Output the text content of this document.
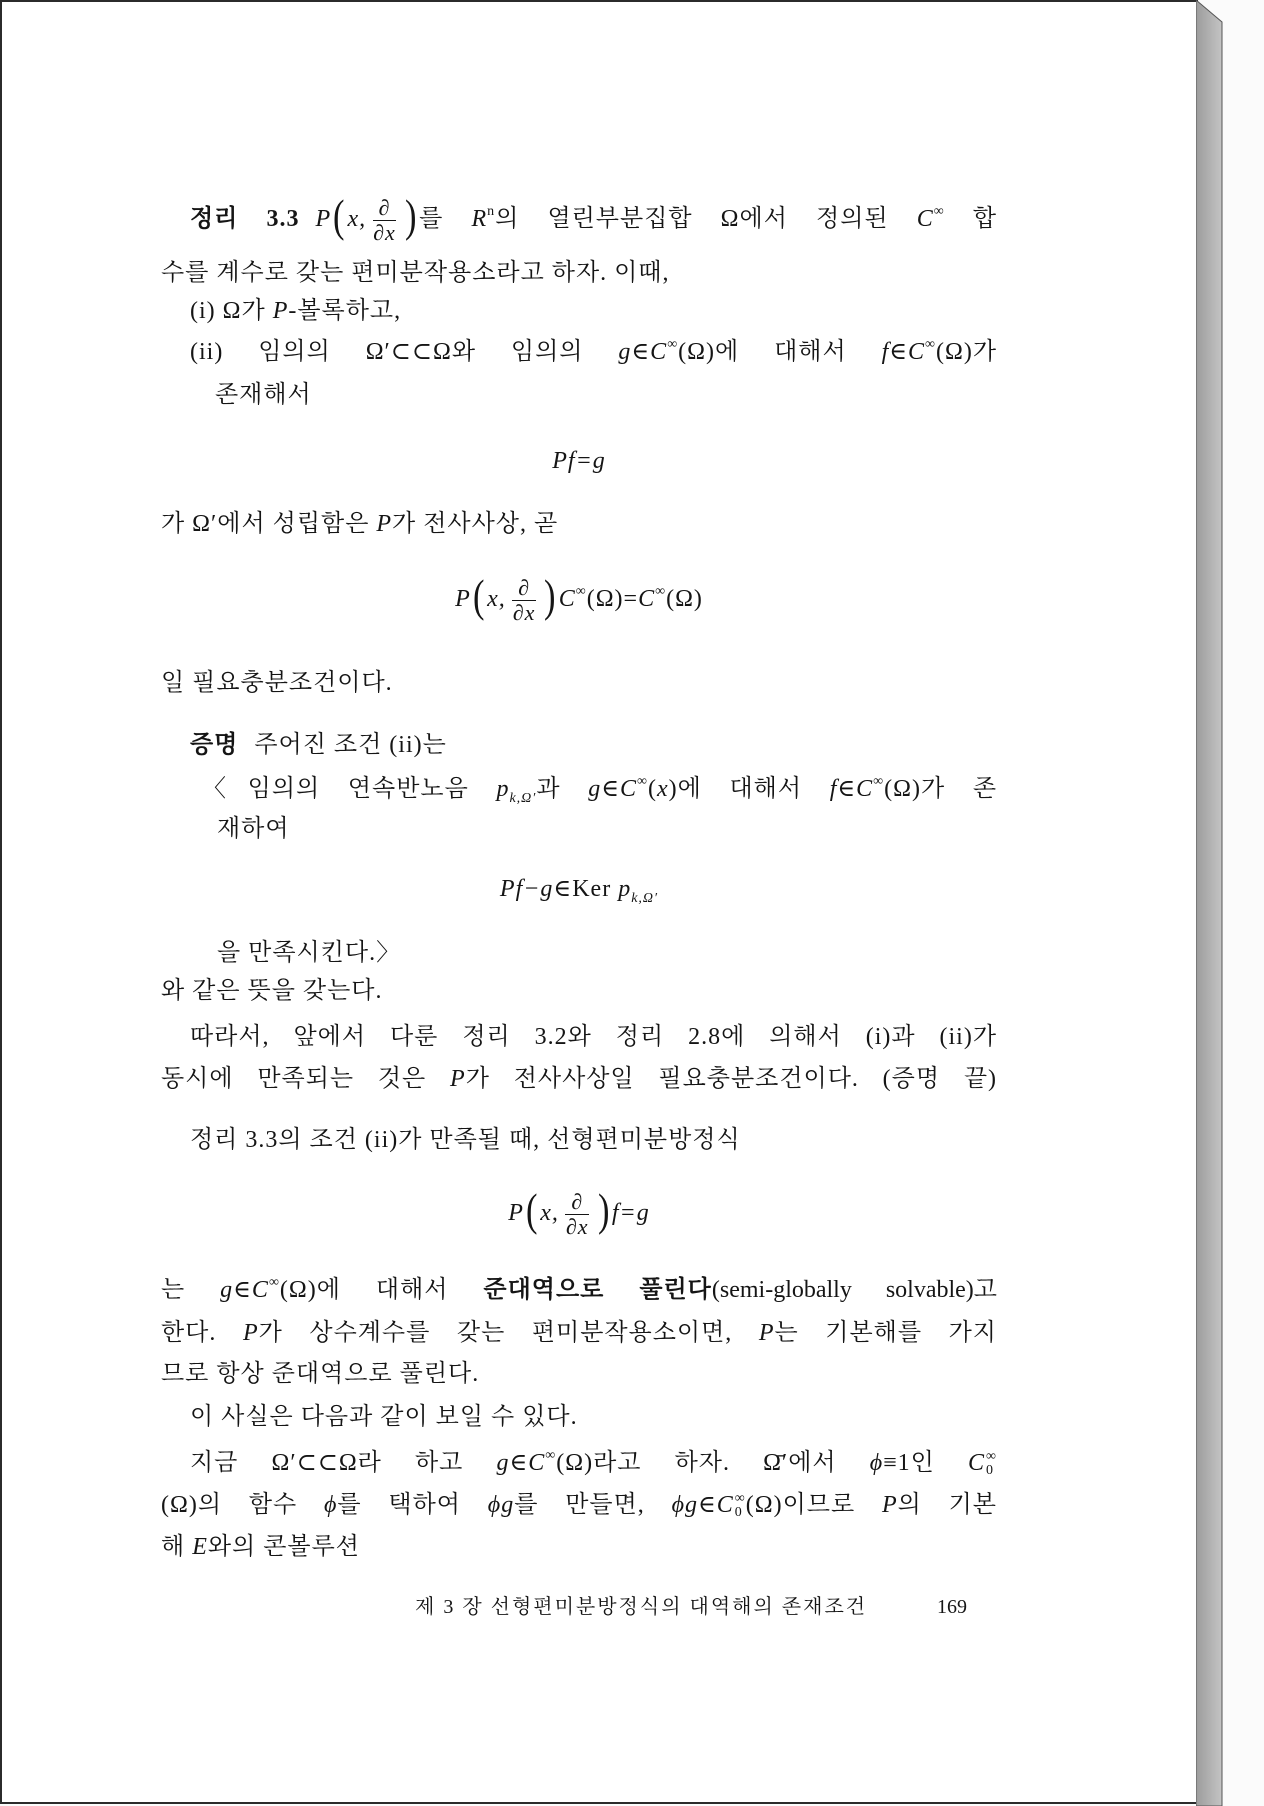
정리 3.3 P(x, $\frac{\partial}{\partial x}$ )를 $R^n$의 열린부분집합 Ω에서 정의된 C∞ 합
수를 계수로 갖는 편미분작용소라고 하자. 이때,
(i) Ω가 P-볼록하고,
(ii) 임의의 Ω′⊂⊂Ω와 임의의 g∈C∞(Ω)에 대해서 f∈C∞(Ω)가
존재해서
Pf=g
가 Ω′에서 성립함은 P가 전사사상, 곧
P(x, $\frac{\partial}{\partial x} )C^\infty(\Omega)=C^\infty(\Omega)$
일 필요충분조건이다.
증명 주어진 조건 (ii)는
〈임의의 연속반노음 $p_{k,\Omega'}$과 g∈C∞(x)에 대해서 f∈C∞(Ω)가 존
재하여
Pf−g∈Ker $p_{k,\Omega'}$
을 만족시킨다.〉
와 같은 뜻을 갖는다.
따라서, 앞에서 다룬 정리 3.2와 정리 2.8에 의해서 (i)과 (ii)가
동시에 만족되는 것은 P가 전사사상일 필요충분조건이다. (증명 끝)
정리 3.3의 조건 (ii)가 만족될 때, 선형편미분방정식
P(x, $\frac{\partial}{\partial x} )f=g$
는 g∈C∞(Ω)에 대해서 준대역으로 풀린다(semi-globally solvable)고
한다. P가 상수계수를 갖는 편미분작용소이면, P는 기본해를 가지
므로 항상 준대역으로 풀린다.
이 사실은 다음과 같이 보일 수 있다.
지금 Ω′⊂⊂Ω라 하고 g∈C∞(Ω)라고 하자. Ω̄′에서 ϕ≡1인 C ∞
0
(Ω)의 함수 ϕ를 택하여 ϕg를 만들면, ϕg∈C ∞
0 (Ω)이므로 P의 기본
해 E와의 콘볼루션
제 3 장 선형편미분방정식의 대역해의 존재조건	169
